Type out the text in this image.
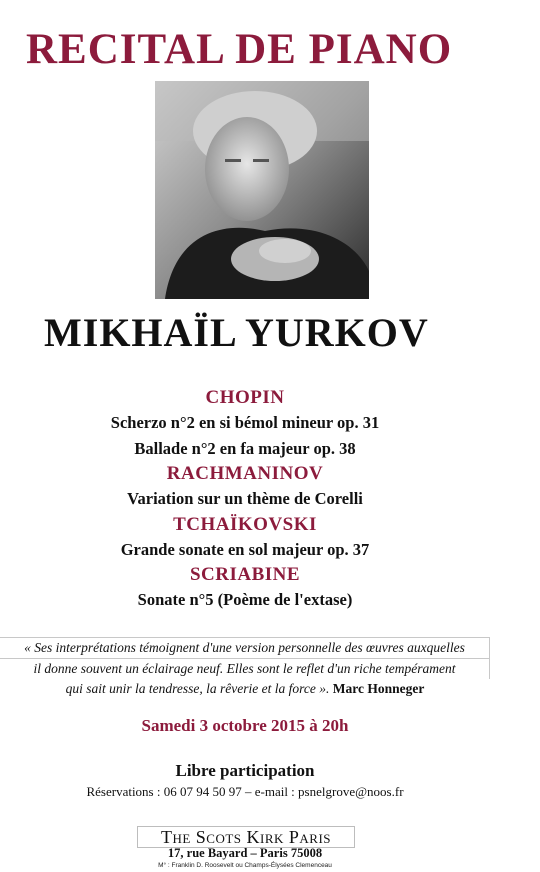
RECITAL DE PIANO
MIKHAÏL YURKOV
CHOPIN
Scherzo n°2 en si bémol mineur op. 31
Ballade n°2 en fa majeur op. 38
RACHMANINOV
Variation sur un thème de Corelli
TCHAÏKOVSKI
Grande sonate en sol majeur op. 37
SCRIABINE
Sonate n°5 (Poème de l'extase)
« Ses interprétations témoignent d'une version personnelle des œuvres auxquelles
il donne souvent un éclairage neuf. Elles sont le reflet d'un riche tempérament
qui sait unir la tendresse, la rêverie et la force ». Marc Honneger
Samedi 3 octobre 2015 à 20h
Libre participation
Réservations : 06 07 94 50 97 – e-mail : psnelgrove@noos.fr
The Scots Kirk Paris
17, rue Bayard – Paris 75008
M° : Franklin D. Roosevelt ou Champs-Élysées Clemenceau
